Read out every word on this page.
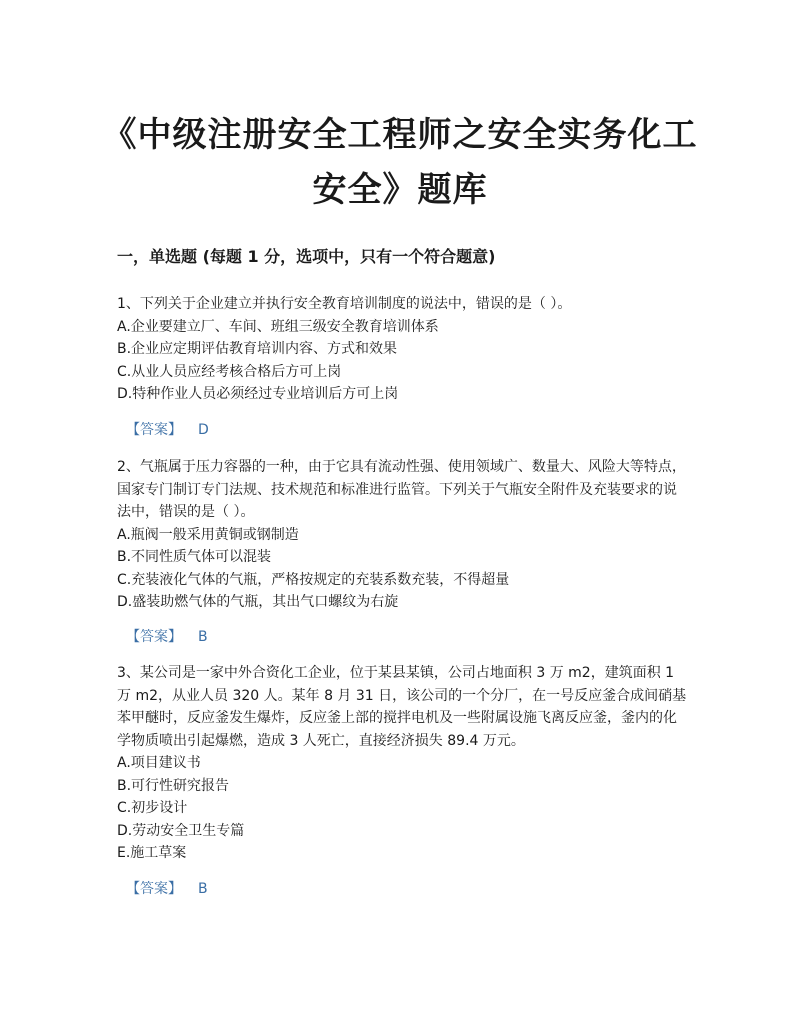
《中级注册安全工程师之安全实务化工安全》题库
一，单选题 (每题 1 分，选项中，只有一个符合题意)

1、下列关于企业建立并执行安全教育培训制度的说法中，错误的是（ ）。

A.企业要建立厂、车间、班组三级安全教育培训体系
B.企业应定期评估教育培训内容、方式和效果
C.从业人员应经考核合格后方可上岗
D.特种作业人员必须经过专业培训后方可上岗
【答案】 D

2、气瓶属于压力容器的一种，由于它具有流动性强、使用领域广、数量大、风险大等特点，国家专门制订专门法规、技术规范和标准进行监管。下列关于气瓶安全附件及充装要求的说法中，错误的是（ ）。

A.瓶阀一般采用黄铜或钢制造
B.不同性质气体可以混装
C.充装液化气体的气瓶，严格按规定的充装系数充装，不得超量
D.盛装助燃气体的气瓶，其出气口螺纹为右旋
【答案】 B

3、某公司是一家中外合资化工企业，位于某县某镇，公司占地面积 3 万 m2，建筑面积 1 万 m2，从业人员 320 人。某年 8 月 31 日，该公司的一个分厂，在一号反应釜合成间硝基苯甲醚时，反应釜发生爆炸，反应釜上部的搅拌电机及一些附属设施飞离反应釜，釜内的化学物质喷出引起爆燃，造成 3 人死亡，直接经济损失 89.4 万元。

A.项目建议书
B.可行性研究报告
C.初步设计
D.劳动安全卫生专篇
E.施工草案
【答案】 B
